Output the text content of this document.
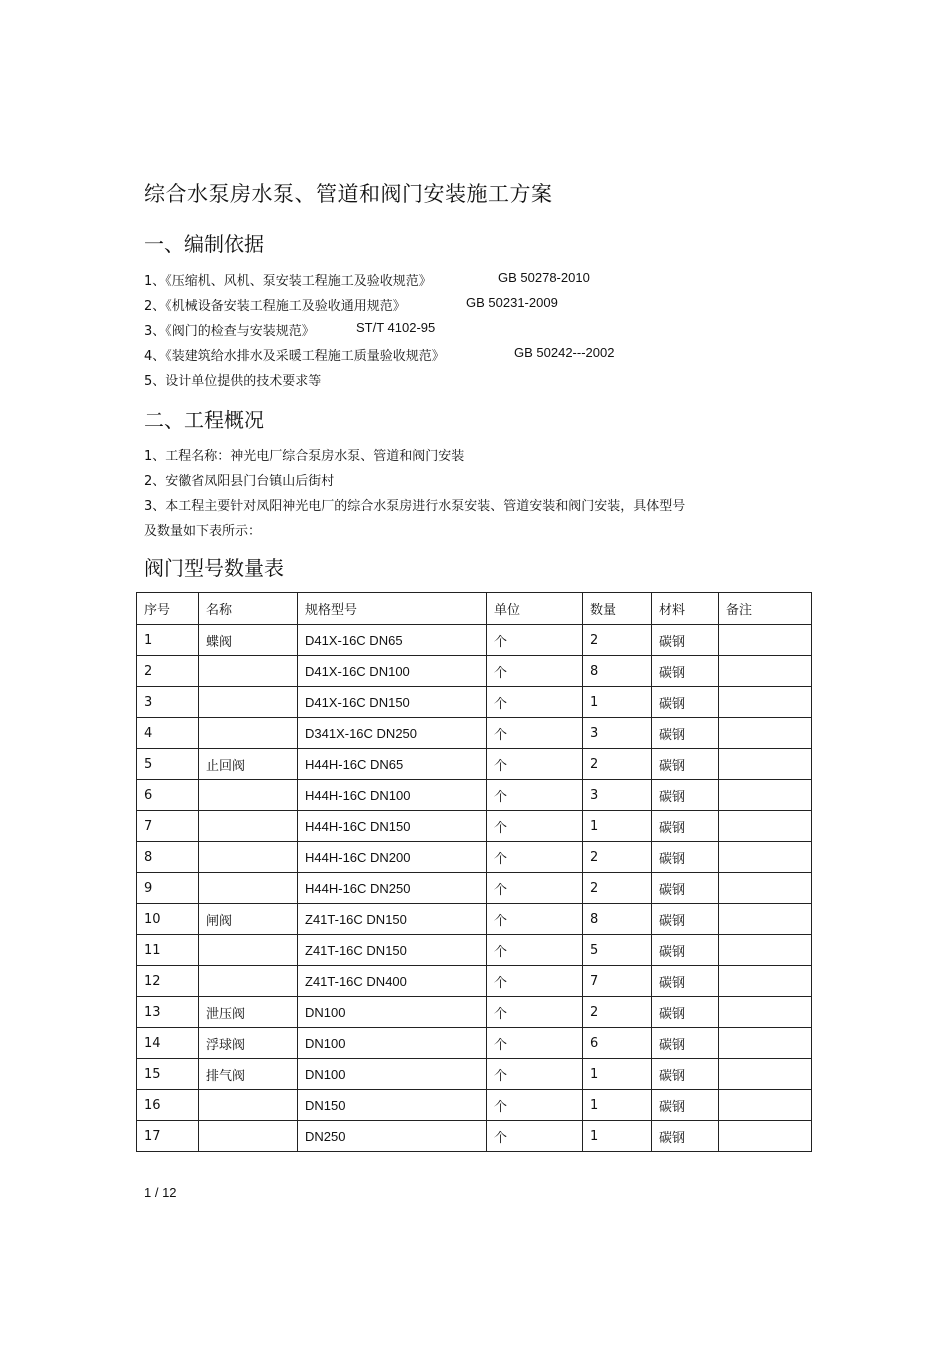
综合水泵房水泵、管道和阀门安装施工方案
一、编制依据
1、《压缩机、风机、泵安装工程施工及验收规范》	GB 50278-2010
2、《机械设备安装工程施工及验收通用规范》	GB 50231-2009
3、《阀门的检查与安装规范》	ST/T 4102-95
4、《装建筑给水排水及采暖工程施工质量验收规范》	GB 50242---2002
5、设计单位提供的技术要求等
二、工程概况
1、工程名称：神光电厂综合泵房水泵、管道和阀门安装
2、安徽省凤阳县门台镇山后街村
3、本工程主要针对凤阳神光电厂的综合水泵房进行水泵安装、管道安装和阀门安装，具体型号
及数量如下表所示：
阀门型号数量表
序号	名称	规格型号	单位	数量	材料	备注
1	蝶阀	D41X-16C DN65	个	2	碳钢	
2		D41X-16C DN100	个	8	碳钢	
3		D41X-16C DN150	个	1	碳钢	
4		D341X-16C DN250	个	3	碳钢	
5	止回阀	H44H-16C DN65	个	2	碳钢	
6		H44H-16C DN100	个	3	碳钢	
7		H44H-16C DN150	个	1	碳钢	
8		H44H-16C DN200	个	2	碳钢	
9		H44H-16C DN250	个	2	碳钢	
10	闸阀	Z41T-16C DN150	个	8	碳钢	
11		Z41T-16C DN150	个	5	碳钢	
12		Z41T-16C DN400	个	7	碳钢	
13	泄压阀	DN100	个	2	碳钢	
14	浮球阀	DN100	个	6	碳钢	
15	排气阀	DN100	个	1	碳钢	
16		DN150	个	1	碳钢	
17		DN250	个	1	碳钢	
1 / 12
